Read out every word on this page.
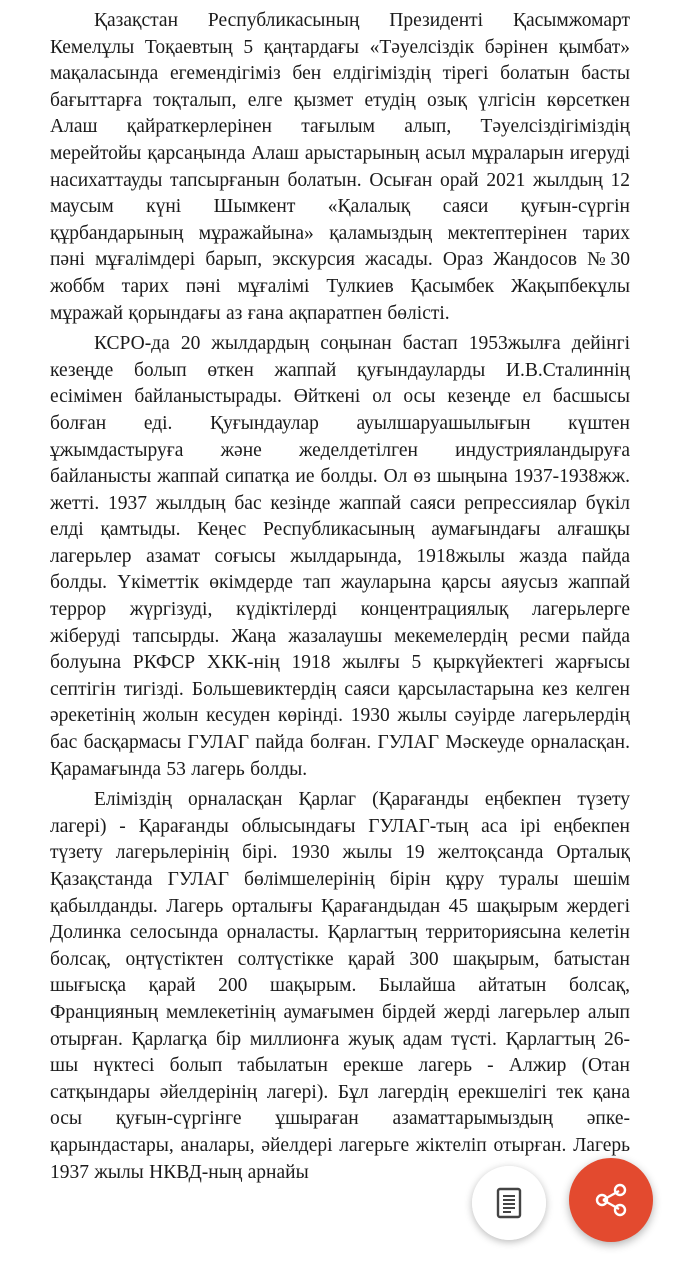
Қазақстан Республикасының Президенті Қасымжомарт Кемелұлы Тоқаевтың 5 қаңтардағы «Тәуелсіздік бәрінен қымбат» мақаласында егемендігіміз бен елдігіміздің тірегі болатын басты бағыттарға тоқталып, елге қызмет етудің озық үлгісін көрсеткен Алаш қайраткерлерінен тағылым алып, Тәуелсіздігіміздің мерейтойы қарсаңында Алаш арыстарының асыл мұраларын игеруді насихаттауды тапсырғанын болатын. Осыған орай 2021 жылдың 12 маусым күні Шымкент «Қалалық саяси қуғын-сүргін құрбандарының мұражайына» қаламыздың мектептерінен тарих пәні мұғалімдері барып, экскурсия жасады. Ораз Жандосов №30 жоббм тарих пәні мұғалімі Тулкиев Қасымбек Жақыпбекұлы мұражай қорындағы аз ғана ақпаратпен бөлісті.

КСРО-да 20 жылдардың соңынан бастап 1953жылға дейінгі кезеңде болып өткен жаппай қуғындауларды И.В.Сталиннің есімімен байланыстырады. Өйткені ол осы кезеңде ел басшысы болған еді. Қуғындаулар ауылшаруашылығын күштен ұжымдастыруға және жеделдетілген индустрияландыруға байланысты жаппай сипатқа ие болды. Ол өз шыңына 1937-1938жж. жетті. 1937 жылдың бас кезінде жаппай саяси репрессиялар бүкіл елді қамтыды. Кеңес Республикасының аумағындағы алғашқы лагерьлер азамат соғысы жылдарында, 1918жылы жазда пайда болды. Үкіметтік өкімдерде тап жауларына қарсы аяусыз жаппай террор жүргізуді, күдіктілерді концентрациялық лагерьлерге жіберуді тапсырды. Жаңа жазалаушы мекемелердің ресми пайда болуына РКФСР ХКК-нің 1918 жылғы 5 қыркүйектегі жарғысы септігін тигізді. Большевиктердің саяси қарсыластарына кез келген әрекетінің жолын кесуден көрінді. 1930 жылы сәуірде лагерьлердің бас басқармасы ГУЛАГ пайда болған. ГУЛАГ Мәскеуде орналасқан. Қарамағында 53 лагерь болды.

Еліміздің орналасқан Қарлаг (Қарағанды еңбекпен түзету лагері) - Қарағанды облысындағы ГУЛАГ-тың аса ірі еңбекпен түзету лагерьлерінің бірі. 1930 жылы 19 желтоқсанда Орталық Қазақстанда ГУЛАГ бөлімшелерінің бірін құру туралы шешім қабылданды. Лагерь орталығы Қарағандыдан 45 шақырым жердегі Долинка селосында орналасты. Қарлагтың территориясына келетін болсақ, оңтүстіктен солтүстікке қарай 300 шақырым, батыстан шығысқа қарай 200 шақырым. Былайша айтатын болсақ, Францияның мемлекетінің аумағымен бірдей жерді лагерьлер алып отырған. Қарлагқа бір миллионға жуық адам түсті. Қарлагтың 26-шы нүктесі болып табылатын ерекше лагерь - Алжир (Отан сатқындары әйелдерінің лагері). Бұл лагердің ерекшелігі тек қана осы қуғын-сүргінге ұшыраған азаматтарымыздың әпке-қарындастары, аналары, әйелдері лагерьге жіктеліп отырған. Лагерь 1937 жылы НКВД-ның арнайы
